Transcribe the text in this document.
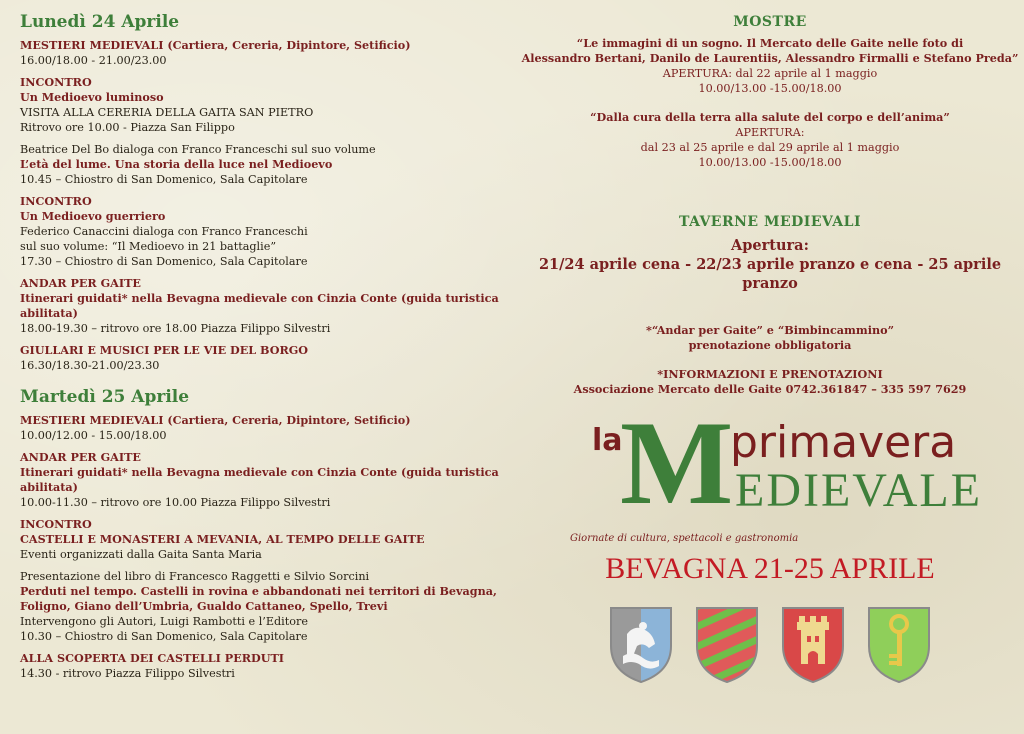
Lunedì 24 Aprile
MESTIERI MEDIEVALI (Cartiera, Cereria, Dipintore, Setificio)
16.00/18.00 - 21.00/23.00
INCONTRO
Un Medioevo luminoso
VISITA ALLA CERERIA DELLA GAITA SAN PIETRO
Ritrovo ore 10.00 - Piazza San Filippo
Beatrice Del Bo dialoga con Franco Franceschi sul suo volume
L’età del lume. Una storia della luce nel Medioevo
10.45 – Chiostro di San Domenico, Sala Capitolare
INCONTRO
Un Medioevo guerriero
Federico Canaccini dialoga con Franco Franceschi
sul suo volume: “Il Medioevo in 21 battaglie”
17.30 – Chiostro di San Domenico, Sala Capitolare
ANDAR PER GAITE
Itinerari guidati* nella Bevagna medievale con Cinzia Conte (guida turistica abilitata)
18.00-19.30 – ritrovo ore 18.00 Piazza Filippo Silvestri
GIULLARI E MUSICI PER LE VIE DEL BORGO
16.30/18.30-21.00/23.30
Martedì 25 Aprile
MESTIERI MEDIEVALI (Cartiera, Cereria, Dipintore, Setificio)
10.00/12.00 - 15.00/18.00
ANDAR PER GAITE
Itinerari guidati* nella Bevagna medievale con Cinzia Conte (guida turistica abilitata)
10.00-11.30 – ritrovo ore 10.00 Piazza Filippo Silvestri
INCONTRO
CASTELLI E MONASTERI A MEVANIA, AL TEMPO DELLE GAITE
Eventi organizzati dalla Gaita Santa Maria
Presentazione del libro di Francesco Raggetti e Silvio Sorcini
Perduti nel tempo. Castelli in rovina e abbandonati nei territori di Bevagna,
Foligno, Giano dell’Umbria, Gualdo Cattaneo, Spello, Trevi
Intervengono gli Autori, Luigi Rambotti e l’Editore
10.30 – Chiostro di San Domenico, Sala Capitolare
ALLA SCOPERTA DEI CASTELLI PERDUTI
14.30 - ritrovo Piazza Filippo Silvestri
MOSTRE
“Le immagini di un sogno. Il Mercato delle Gaite nelle foto di
Alessandro Bertani, Danilo de Laurentiis, Alessandro Firmalli e Stefano Preda”
APERTURA: dal 22 aprile al 1 maggio
10.00/13.00 -15.00/18.00
“Dalla cura della terra alla salute del corpo e dell’anima”
APERTURA:
dal 23 al 25 aprile e dal 29 aprile al 1 maggio
10.00/13.00 -15.00/18.00
TAVERNE MEDIEVALI
Apertura:
21/24 aprile cena - 22/23 aprile pranzo e cena - 25 aprile pranzo
*“Andar per Gaite” e “Bimbincammino”
prenotazione obbligatoria
*INFORMAZIONI E PRENOTAZIONI
Associazione Mercato delle Gaite 0742.361847 – 335 597 7629
M
la primavera
EDIEVALE
Giornate di cultura, spettacoli e gastronomia
BEVAGNA 21-25 APRILE
